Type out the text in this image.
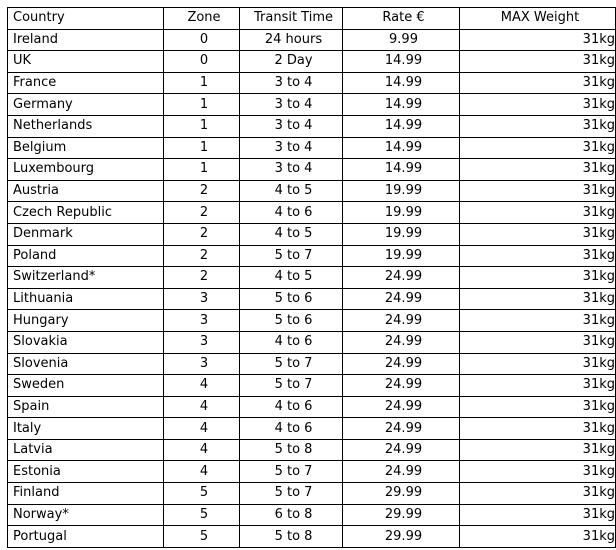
Country	Zone	Transit Time	Rate €	MAX Weight
Ireland	0	24 hours	9.99	31kg
UK	0	2 Day	14.99	31kg
France	1	3 to 4	14.99	31kg
Germany	1	3 to 4	14.99	31kg
Netherlands	1	3 to 4	14.99	31kg
Belgium	1	3 to 4	14.99	31kg
Luxembourg	1	3 to 4	14.99	31kg
Austria	2	4 to 5	19.99	31kg
Czech Republic	2	4 to 6	19.99	31kg
Denmark	2	4 to 5	19.99	31kg
Poland	2	5 to 7	19.99	31kg
Switzerland*	2	4 to 5	24.99	31kg
Lithuania	3	5 to 6	24.99	31kg
Hungary	3	5 to 6	24.99	31kg
Slovakia	3	4 to 6	24.99	31kg
Slovenia	3	5 to 7	24.99	31kg
Sweden	4	5 to 7	24.99	31kg
Spain	4	4 to 6	24.99	31kg
Italy	4	4 to 6	24.99	31kg
Latvia	4	5 to 8	24.99	31kg
Estonia	4	5 to 7	24.99	31kg
Finland	5	5 to 7	29.99	31kg
Norway*	5	6 to 8	29.99	31kg
Portugal	5	5 to 8	29.99	31kg
